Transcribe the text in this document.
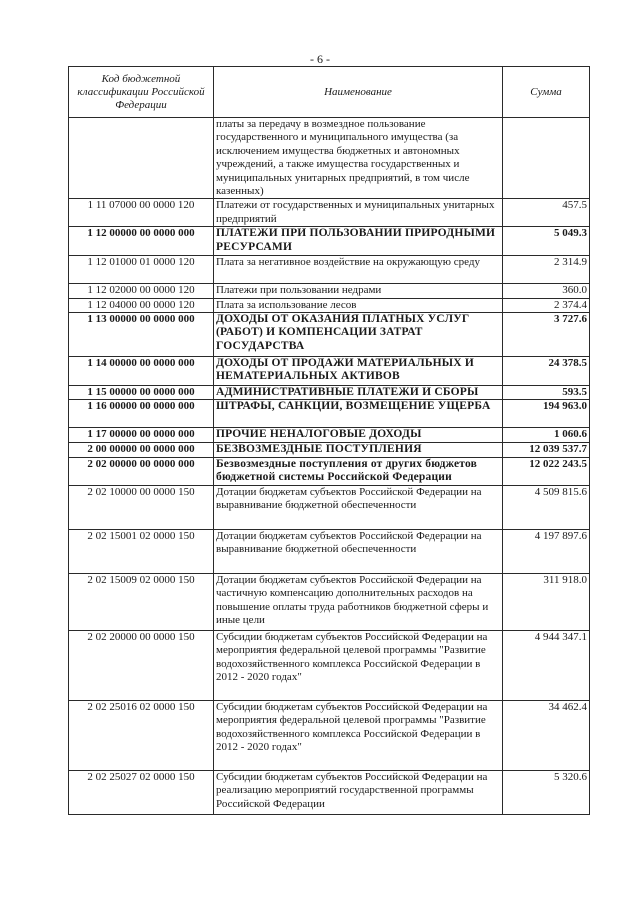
- 6 -
Код бюджетной классификации Российской Федерации	Наименование	Сумма
	платы за передачу в возмездное пользование государственного и муниципального имущества (за исключением имущества бюджетных и автономных учреждений, а также имущества государственных и муниципальных унитарных предприятий, в том числе казенных)	
1 11 07000 00 0000 120	Платежи от государственных и муниципальных унитарных предприятий	457.5
1 12 00000 00 0000 000	ПЛАТЕЖИ ПРИ ПОЛЬЗОВАНИИ ПРИРОДНЫМИ РЕСУРСАМИ	5 049.3
1 12 01000 01 0000 120	Плата за негативное воздействие на окружающую среду	2 314.9
1 12 02000 00 0000 120	Платежи при пользовании недрами	360.0
1 12 04000 00 0000 120	Плата за использование лесов	2 374.4
1 13 00000 00 0000 000	ДОХОДЫ ОТ ОКАЗАНИЯ ПЛАТНЫХ УСЛУГ (РАБОТ) И КОМПЕНСАЦИИ ЗАТРАТ ГОСУДАРСТВА	3 727.6
1 14 00000 00 0000 000	ДОХОДЫ ОТ ПРОДАЖИ МАТЕРИАЛЬНЫХ И НЕМАТЕРИАЛЬНЫХ АКТИВОВ	24 378.5
1 15 00000 00 0000 000	АДМИНИСТРАТИВНЫЕ ПЛАТЕЖИ И СБОРЫ	593.5
1 16 00000 00 0000 000	ШТРАФЫ, САНКЦИИ, ВОЗМЕЩЕНИЕ УЩЕРБА	194 963.0
1 17 00000 00 0000 000	ПРОЧИЕ НЕНАЛОГОВЫЕ ДОХОДЫ	1 060.6
2 00 00000 00 0000 000	БЕЗВОЗМЕЗДНЫЕ ПОСТУПЛЕНИЯ	12 039 537.7
2 02 00000 00 0000 000	Безвозмездные поступления от других бюджетов бюджетной системы Российской Федерации	12 022 243.5
2 02 10000 00 0000 150	Дотации бюджетам субъектов Российской Федерации на выравнивание бюджетной обеспеченности	4 509 815.6
2 02 15001 02 0000 150	Дотации бюджетам субъектов Российской Федерации на выравнивание бюджетной обеспеченности	4 197 897.6
2 02 15009 02 0000 150	Дотации бюджетам субъектов Российской Федерации на частичную компенсацию дополнительных расходов на повышение оплаты труда работников бюджетной сферы и иные цели	311 918.0
2 02 20000 00 0000 150	Субсидии бюджетам субъектов Российской Федерации на мероприятия федеральной целевой программы "Развитие водохозяйственного комплекса Российской Федерации в 2012 - 2020 годах"	4 944 347.1
2 02 25016 02 0000 150	Субсидии бюджетам субъектов Российской Федерации на мероприятия федеральной целевой программы "Развитие водохозяйственного комплекса Российской Федерации в 2012 - 2020 годах"	34 462.4
2 02 25027 02 0000 150	Субсидии бюджетам субъектов Российской Федерации на реализацию мероприятий государственной программы Российской Федерации	5 320.6
